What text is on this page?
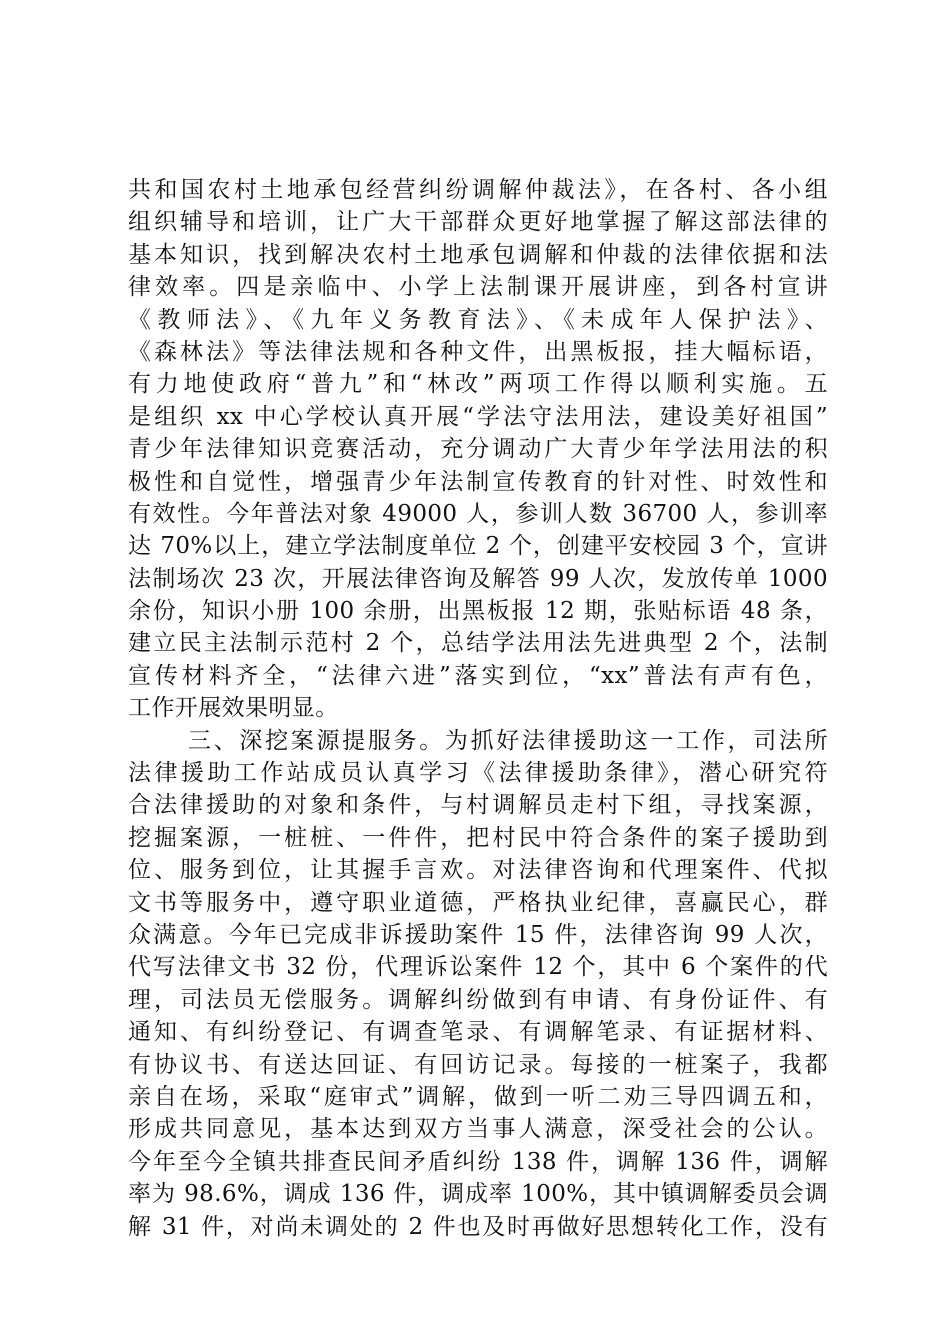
共和国农村土地承包经营纠纷调解仲裁法》，在各村、各小组
组织辅导和培训，让广大干部群众更好地掌握了解这部法律的
基本知识，找到解决农村土地承包调解和仲裁的法律依据和法
律效率。四是亲临中、小学上法制课开展讲座，到各村宣讲
《教师法》、《九年义务教育法》、《未成年人保护法》、
《森林法》等法律法规和各种文件，出黑板报，挂大幅标语，
有力地使政府“普九”和“林改”两项工作得以顺利实施。五
是组织 xx 中心学校认真开展“学法守法用法，建设美好祖国”
青少年法律知识竞赛活动，充分调动广大青少年学法用法的积
极性和自觉性，增强青少年法制宣传教育的针对性、时效性和
有效性。今年普法对象 49000 人，参训人数 36700 人，参训率
达 70%以上，建立学法制度单位 2 个，创建平安校园 3 个，宣讲
法制场次 23 次，开展法律咨询及解答 99 人次，发放传单 1000
余份，知识小册 100 余册，出黑板报 12 期，张贴标语 48 条，
建立民主法制示范村 2 个，总结学法用法先进典型 2 个，法制
宣传材料齐全，“法律六进”落实到位，“xx”普法有声有色，
工作开展效果明显。
三、深挖案源提服务。为抓好法律援助这一工作，司法所
法律援助工作站成员认真学习《法律援助条律》，潜心研究符
合法律援助的对象和条件，与村调解员走村下组，寻找案源，
挖掘案源，一桩桩、一件件，把村民中符合条件的案子援助到
位、服务到位，让其握手言欢。对法律咨询和代理案件、代拟
文书等服务中，遵守职业道德，严格执业纪律，喜赢民心，群
众满意。今年已完成非诉援助案件 15 件，法律咨询 99 人次，
代写法律文书 32 份，代理诉讼案件 12 个，其中 6 个案件的代
理，司法员无偿服务。调解纠纷做到有申请、有身份证件、有
通知、有纠纷登记、有调查笔录、有调解笔录、有证据材料、
有协议书、有送达回证、有回访记录。每接的一桩案子，我都
亲自在场，采取“庭审式”调解，做到一听二劝三导四调五和，
形成共同意见，基本达到双方当事人满意，深受社会的公认。
今年至今全镇共排查民间矛盾纠纷 138 件，调解 136 件，调解
率为 98.6%，调成 136 件，调成率 100%，其中镇调解委员会调
解 31 件，对尚未调处的 2 件也及时再做好思想转化工作，没有
